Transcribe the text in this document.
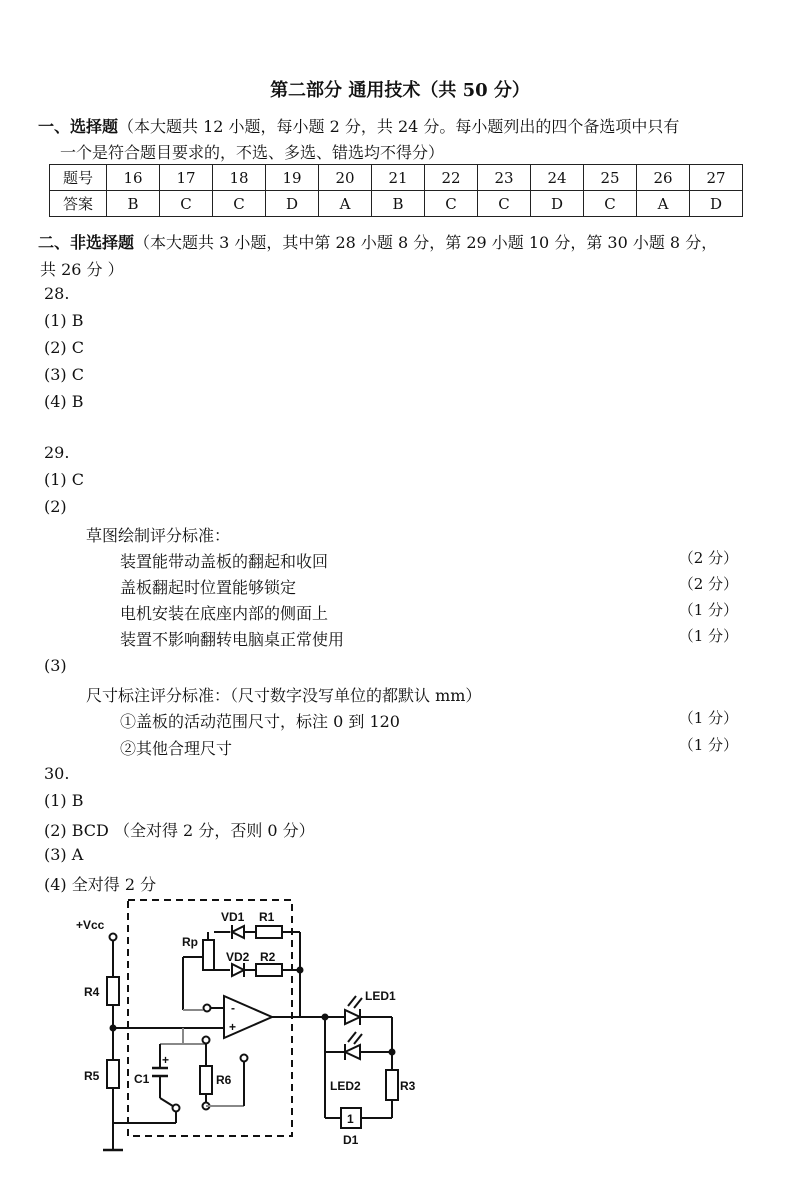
第二部分 通用技术（共 50 分）
一、选择题（本大题共 12 小题，每小题 2 分，共 24 分。每小题列出的四个备选项中只有
一个是符合题目要求的，不选、多选、错选均不得分）
题号	16	17	18	19	20	21	22	23	24	25	26	27
答案	B	C	C	D	A	B	C	C	D	C	A	D
二、非选择题（本大题共 3 小题，其中第 28 小题 8 分，第 29 小题 10 分，第 30 小题 8 分，
共 26 分 ）
28.
(1) B
(2) C
(3) C
(4) B
29.
(1) C
(2)
草图绘制评分标准：
装置能带动盖板的翻起和收回	（2 分）
盖板翻起时位置能够锁定	（2 分）
电机安装在底座内部的侧面上	（1 分）
装置不影响翻转电脑桌正常使用	（1 分）
(3)
尺寸标注评分标准：（尺寸数字没写单位的都默认 mm）
①盖板的活动范围尺寸，标注 0 到 120	（1 分）
②其他合理尺寸	（1 分）
30.
(1) B
(2) BCD （全对得 2 分，否则 0 分）
(3) A
(4) 全对得 2 分
+Vcc
Rp
VD1 R1
VD2 R2
R4
R5	C1
+
R6
-
+
LED1
LED2	R3
1
D1
